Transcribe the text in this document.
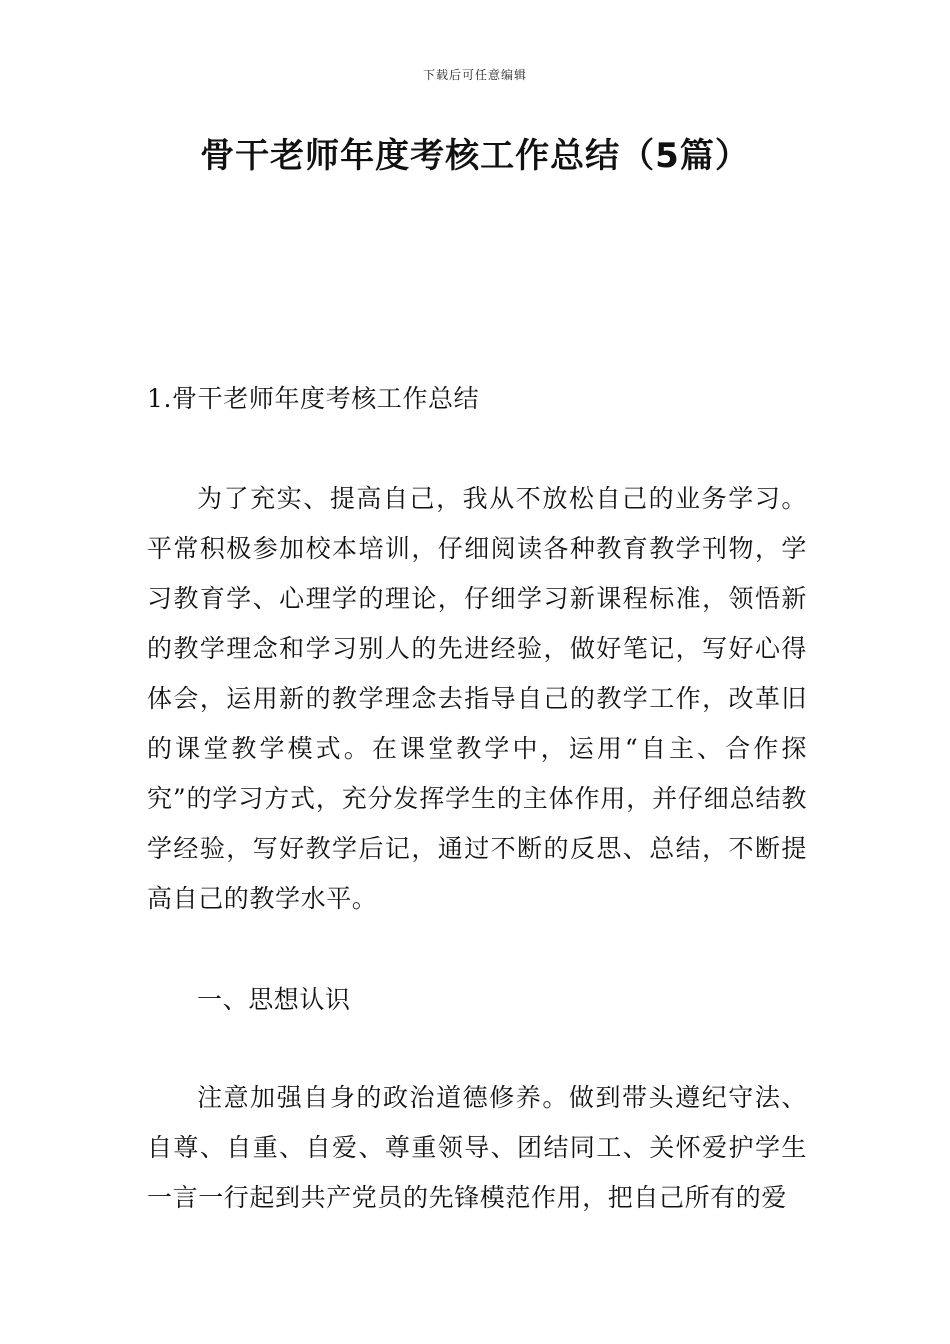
下载后可任意编辑
骨干老师年度考核工作总结（5篇）
1.骨干老师年度考核工作总结

为了充实、提高自己，我从不放松自己的业务学习。平常积极参加校本培训，仔细阅读各种教育教学刊物，学习教育学、心理学的理论，仔细学习新课程标准，领悟新的教学理念和学习别人的先进经验，做好笔记，写好心得体会，运用新的教学理念去指导自己的教学工作，改革旧的课堂教学模式。在课堂教学中，运用“自主、合作探究”的学习方式，充分发挥学生的主体作用，并仔细总结教学经验，写好教学后记，通过不断的反思、总结，不断提高自己的教学水平。

一、思想认识

注意加强自身的政治道德修养。做到带头遵纪守法、自尊、自重、自爱、尊重领导、团结同工、关怀爱护学生一言一行起到共产党员的先锋模范作用，把自己所有的爱
